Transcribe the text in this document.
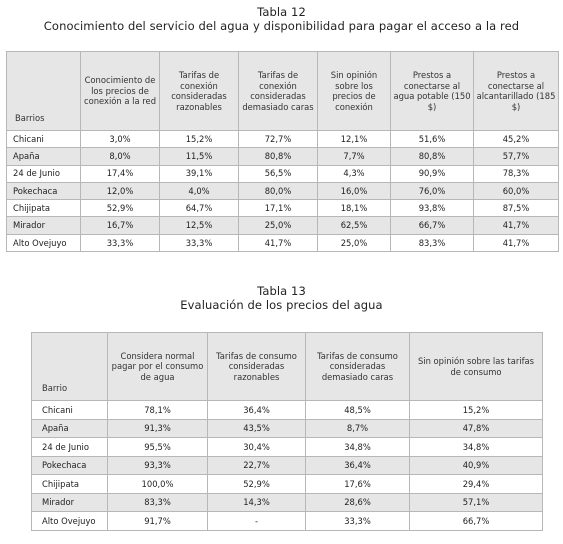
Tabla 12
Conocimiento del servicio del agua y disponibilidad para pagar el acceso a la red
Barrios	Conocimiento de los precios de conexión a la red	Tarifas de conexión consideradas razonables	Tarifas de conexión consideradas demasiado caras	Sin opinión sobre los precios de conexión	Prestos a conectarse al agua potable (150 $)	Prestos a conectarse al alcantarillado (185 $)
Chicani	3,0%	15,2%	72,7%	12,1%	51,6%	45,2%
Apaña	8,0%	11,5%	80,8%	7,7%	80,8%	57,7%
24 de Junio	17,4%	39,1%	56,5%	4,3%	90,9%	78,3%
Pokechaca	12,0%	4,0%	80,0%	16,0%	76,0%	60,0%
Chijipata	52,9%	64,7%	17,1%	18,1%	93,8%	87,5%
Mirador	16,7%	12,5%	25,0%	62,5%	66,7%	41,7%
Alto Ovejuyo	33,3%	33,3%	41,7%	25,0%	83,3%	41,7%
Tabla 13
Evaluación de los precios del agua
Barrio	Considera normal pagar por el consumo de agua	Tarifas de consumo consideradas razonables	Tarifas de consumo consideradas demasiado caras	Sin opinión sobre las tarifas de consumo
Chicani	78,1%	36,4%	48,5%	15,2%
Apaña	91,3%	43,5%	8,7%	47,8%
24 de Junio	95,5%	30,4%	34,8%	34,8%
Pokechaca	93,3%	22,7%	36,4%	40,9%
Chijipata	100,0%	52,9%	17,6%	29,4%
Mirador	83,3%	14,3%	28,6%	57,1%
Alto Ovejuyo	91,7%	-	33,3%	66,7%
